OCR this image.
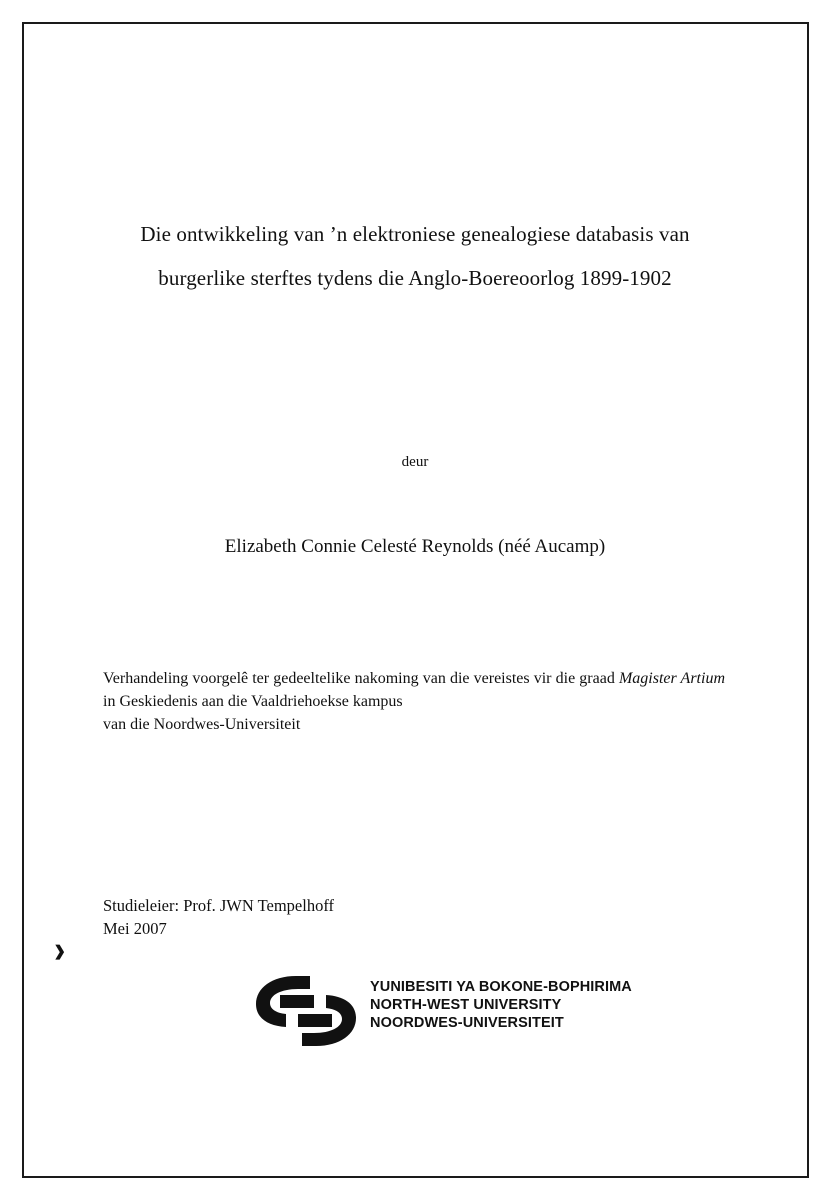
Die ontwikkeling van ’n elektroniese genealogiese databasis van
burgerlike sterftes tydens die Anglo-Boereoorlog 1899-1902
deur
Elizabeth Connie Celesté Reynolds (néé Aucamp)
Verhandeling voorgelê ter gedeeltelike nakoming van die vereistes vir die graad Magister Artium in Geskiedenis aan die Vaaldriehoekse kampus
van die Noordwes-Universiteit
Studieleier: Prof. JWN Tempelhoff
Mei 2007
❱
YUNIBESITI YA BOKONE-BOPHIRIMA
NORTH-WEST UNIVERSITY
NOORDWES-UNIVERSITEIT
